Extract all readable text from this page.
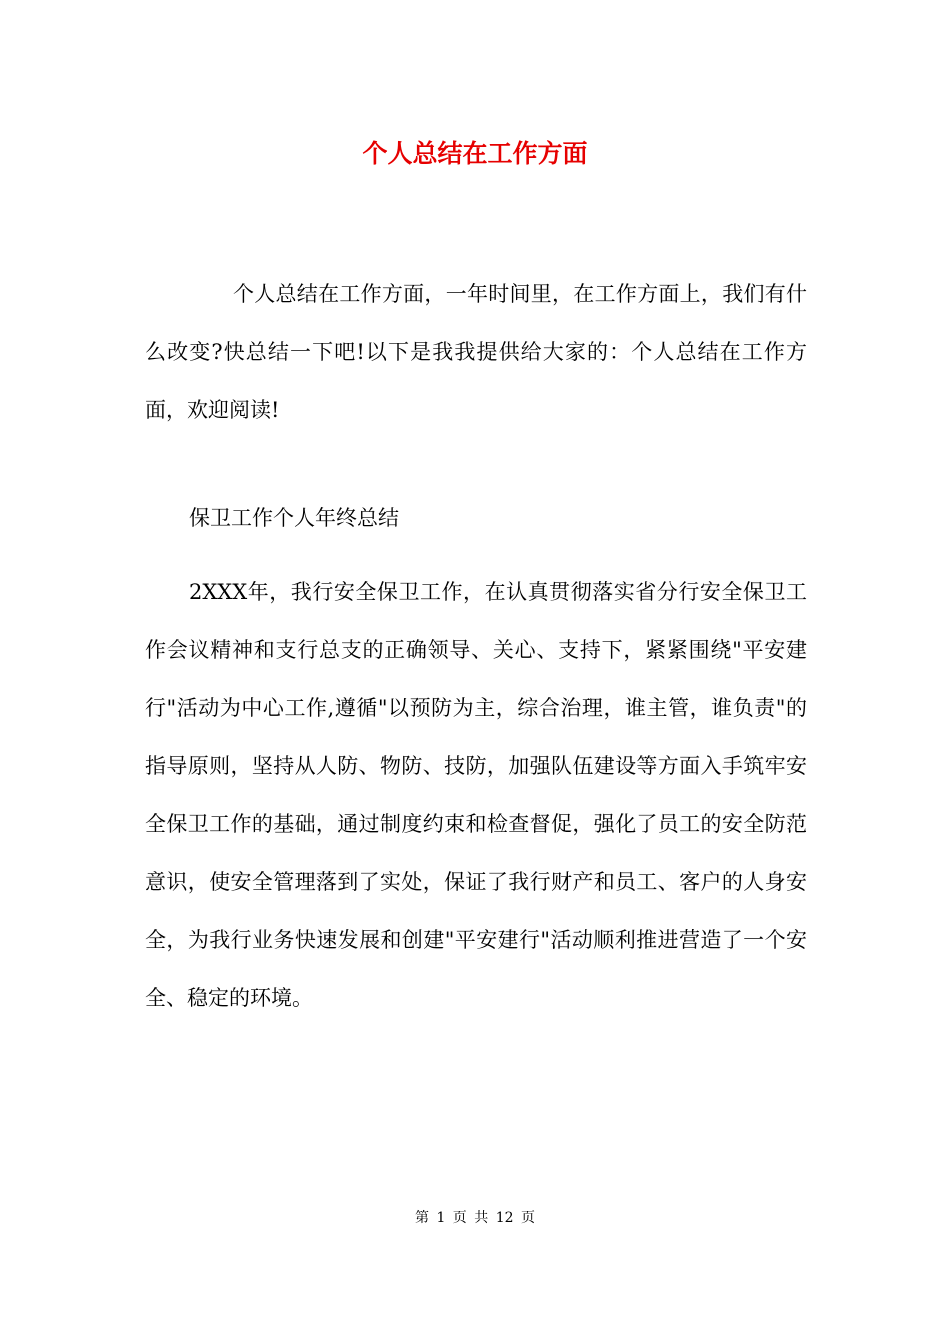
个人总结在工作方面

个人总结在工作方面，一年时间里，在工作方面上，我们有什么改变?快总结一下吧!以下是我我提供给大家的：个人总结在工作方面，欢迎阅读!

保卫工作个人年终总结

2XXX年，我行安全保卫工作，在认真贯彻落实省分行安全保卫工作会议精神和支行总支的正确领导、关心、支持下，紧紧围绕"平安建行"活动为中心工作,遵循"以预防为主，综合治理，谁主管，谁负责"的指导原则，坚持从人防、物防、技防，加强队伍建设等方面入手筑牢安全保卫工作的基础，通过制度约束和检查督促，强化了员工的安全防范意识，使安全管理落到了实处，保证了我行财产和员工、客户的人身安全，为我行业务快速发展和创建"平安建行"活动顺利推进营造了一个安全、稳定的环境。

第 1 页 共 12 页
